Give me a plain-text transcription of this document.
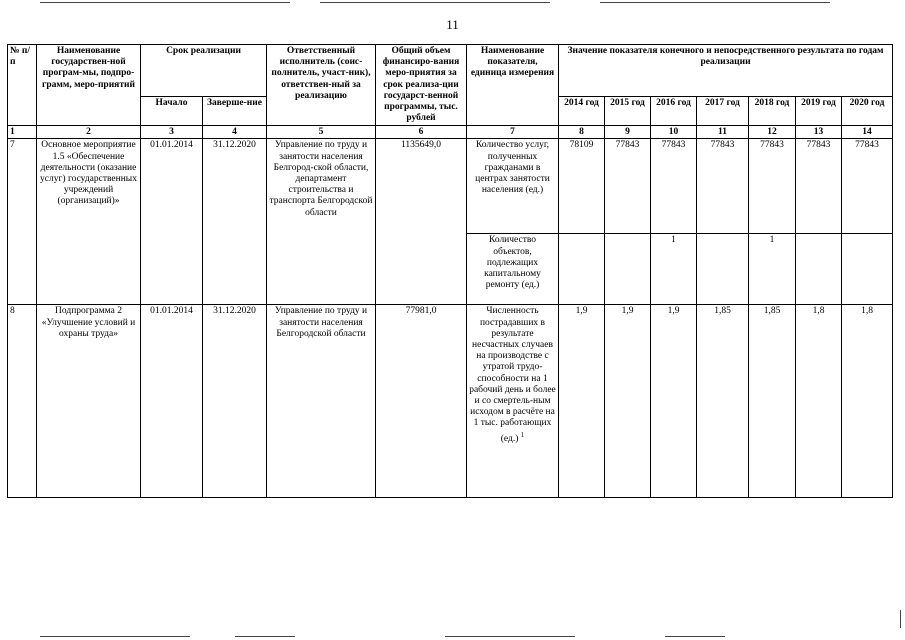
11
№ п/п	Наименование государствен-ной програм-мы, подпро-грамм, меро-приятий	Срок реализации		Ответственный исполнитель (соис-полнитель, участ-ник), ответствен-ный за реализацию	Общий объем финансиро-вания меро-приятия за срок реализа-ции государст-венной программы, тыс. рублей	Наименование показателя, единица измерения	Значение показателя конечного и непосредственного результата по годам реализации						
		Начало	Заверше-ние				2014 год	2015 год	2016 год	2017 год	2018 год	2019 год	2020 год
1	2	3	4	5	6	7	8	9	10	11	12	13	14
7	Основное мероприятие 1.5 «Обеспечение деятельности (оказание услуг) государственных учреждений (организаций)»	01.01.2014	31.12.2020	Управление по труду и занятости населения Белгород-ской области, департамент строительства и транспорта Белгородской области	1135649,0	Количество услуг, полученных гражданами в центрах занятости населения (ед.)	78109	77843	77843	77843	77843	77843	77843
						Количество объектов, подлежащих капитальному ремонту (ед.)			1		1		
8	Подпрограмма 2 «Улучшение условий и охраны труда»	01.01.2014	31.12.2020	Управление по труду и занятости населения Белгородской области	77981,0	Численность пострадавших в результате несчастных случаев на производстве с утратой трудо-способности на 1 рабочий день и более и со смертель-ным исходом в расчёте на 1 тыс. работающих (ед.) $^1$	1,9	1,9	1,9	1,85	1,85	1,8	1,8
